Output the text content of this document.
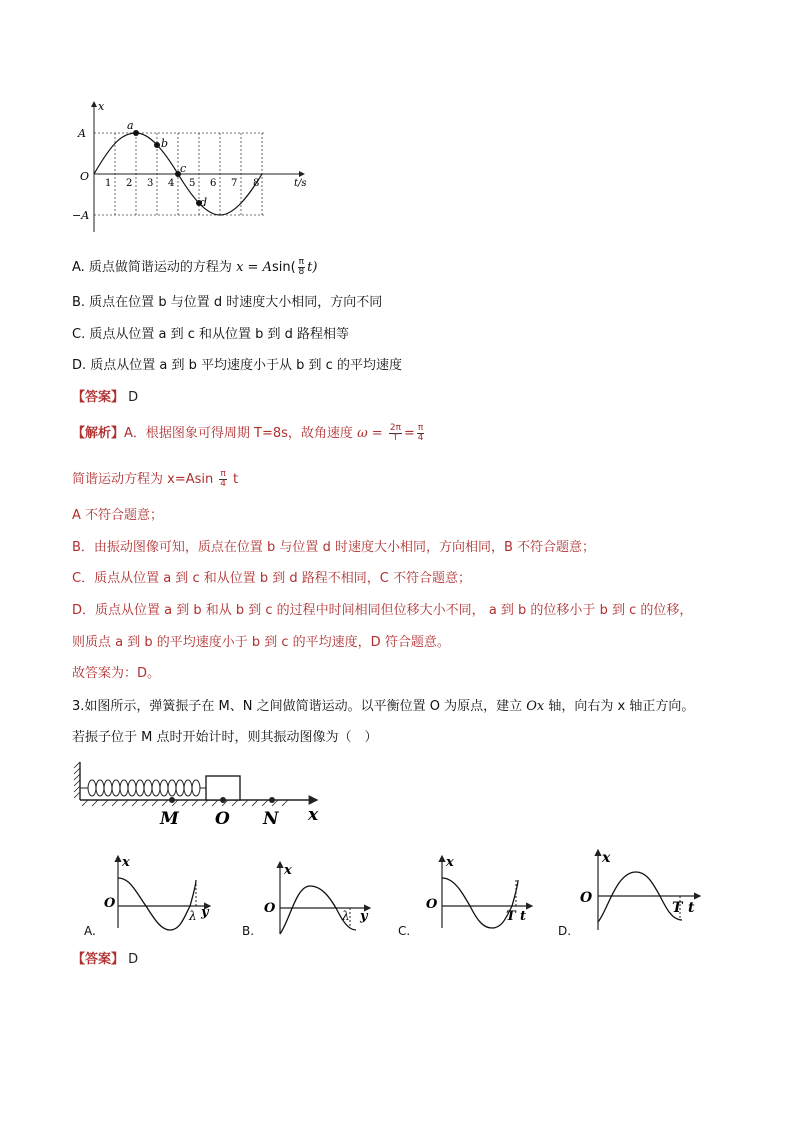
a
b
c
d
x
t/s
A
−A
O
1 2 3 4 5 6 7 8
A. 质点做简谐运动的方程为 $x = Asin( \frac{\pi}{8} t)$
B. 质点在位置 b 与位置 d 时速度大小相同，方向不同
C. 质点从位置 a 到 c 和从位置 b 到 d 路程相等
D. 质点从位置 a 到 b 平均速度小于从 b 到 c 的平均速度
【答案】 D
【解析】A．根据图象可得周期 T=8s，故角速度 $\omega = \frac{2\pi}{T} = \frac{\pi}{4}$
简谐运动方程为 $x=Asin \frac{\pi}{4}$ t
A 不符合题意；
B．由振动图像可知，质点在位置 b 与位置 d 时速度大小相同，方向相同，B 不符合题意；
C．质点从位置 a 到 c 和从位置 b 到 d 路程不相同，C 不符合题意；
D．质点从位置 a 到 b 和从 b 到 c 的过程中时间相同但位移大小不同， a 到 b 的位移小于 b 到 c 的位移，
则质点 a 到 b 的平均速度小于 b 到 c 的平均速度，D 符合题意。
故答案为：D。
3.如图所示，弹簧振子在 M、N 之间做简谐运动。以平衡位置 O 为原点，建立 Ox 轴，向右为 x 轴正方向。
若振子位于 M 点时开始计时，则其振动图像为（　）
M O N x
x
O
λ y
A.
x
O	λ y
B.
x
O
T t
C.
x
O
T t
D.
【答案】 D
